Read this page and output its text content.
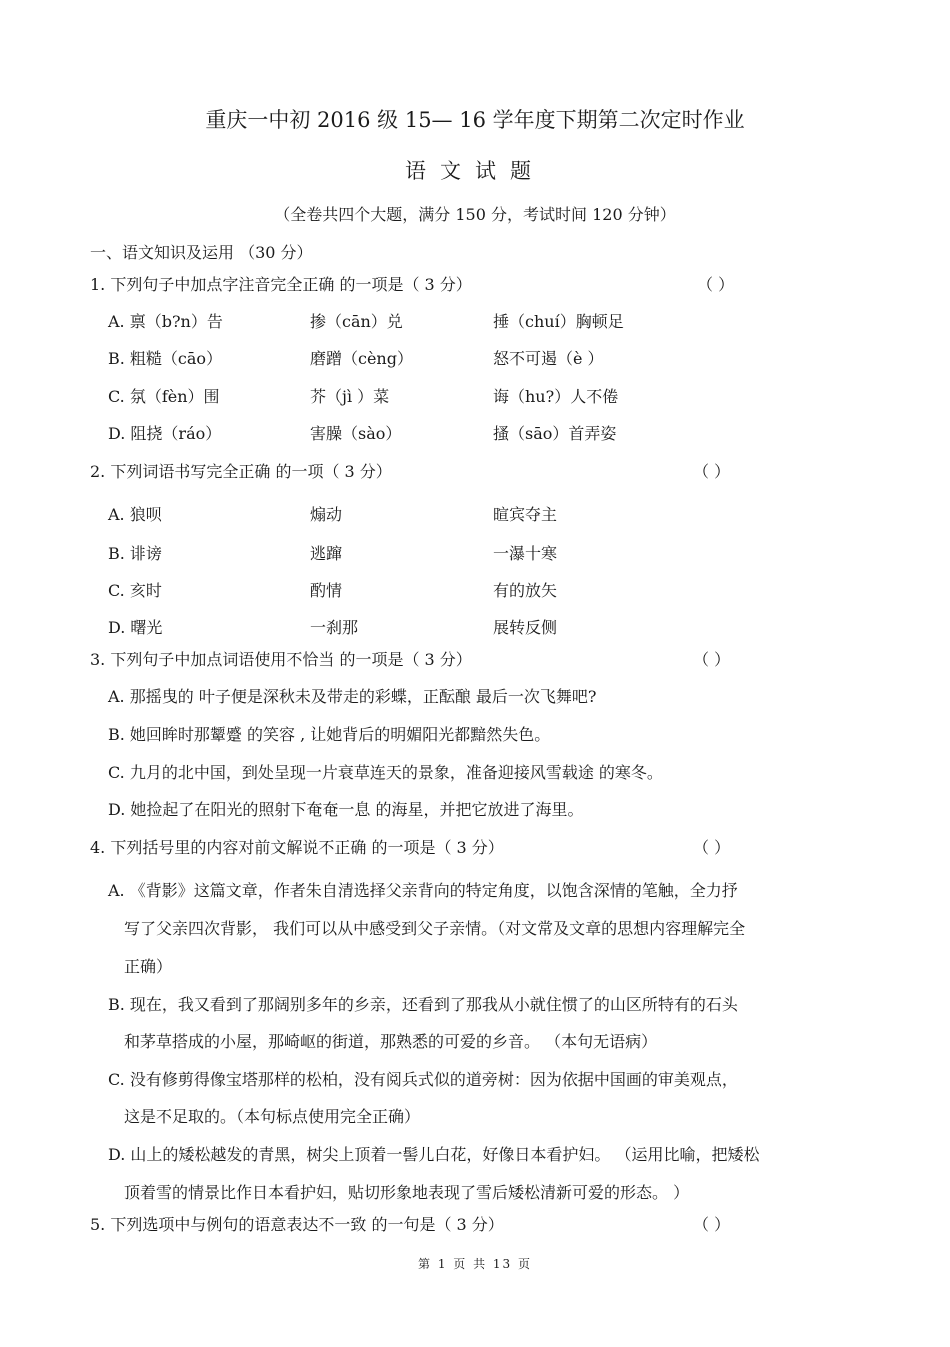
重庆一中初 2016 级 15— 16 学年度下期第二次定时作业
语文试题
（全卷共四个大题，满分 150 分，考试时间 120 分钟）
一、语文知识及运用 （30 分）
1. 下列句子中加点字注音完全正确 的一项是（ 3 分）	（ ）
A. 禀（b?n）告	掺（cān）兑	捶（chuí）胸顿足
B. 粗糙（cāo）	磨蹭（cèng）	怒不可遏（è ）
C. 氛（fèn）围	芥（jì ）菜	诲（hu?）人不倦
D. 阻挠（ráo）	害臊（sào）	搔（sāo）首弄姿
2. 下列词语书写完全正确 的一项（ 3 分）	（ ）
A. 狼呗	煽动	暄宾夺主
B. 诽谤	逃蹿	一瀑十寒
C. 亥时	酌情	有的放矢
D. 曙光	一刹那	展转反侧
3. 下列句子中加点词语使用不恰当 的一项是（ 3 分）	（ ）
A. 那摇曳的 叶子便是深秋未及带走的彩蝶，正酝酿 最后一次飞舞吧?
B. 她回眸时那颦蹙 的笑容 , 让她背后的明媚阳光都黯然失色。
C. 九月的北中国，到处呈现一片衰草连天的景象，准备迎接风雪载途 的寒冬。
D. 她捡起了在阳光的照射下奄奄一息 的海星，并把它放进了海里。
4. 下列括号里的内容对前文解说不正确 的一项是（ 3 分）	（ ）
A. 《背影》这篇文章，作者朱自清选择父亲背向的特定角度，以饱含深情的笔触，全力抒
写了父亲四次背影， 我们可以从中感受到父子亲情。（对文常及文章的思想内容理解完全
正确）
B. 现在，我又看到了那阔别多年的乡亲，还看到了那我从小就住惯了的山区所特有的石头
和茅草搭成的小屋，那崎岖的街道，那熟悉的可爱的乡音。 （本句无语病）
C. 没有修剪得像宝塔那样的松柏，没有阅兵式似的道旁树：因为依据中国画的审美观点，
这是不足取的。（本句标点使用完全正确）
D. 山上的矮松越发的青黑，树尖上顶着一髻儿白花，好像日本看护妇。 （运用比喻，把矮松
顶着雪的情景比作日本看护妇，贴切形象地表现了雪后矮松清新可爱的形态。 ）
5. 下列选项中与例句的语意表达不一致 的一句是（ 3 分）	（ ）
第 1 页 共 13 页
